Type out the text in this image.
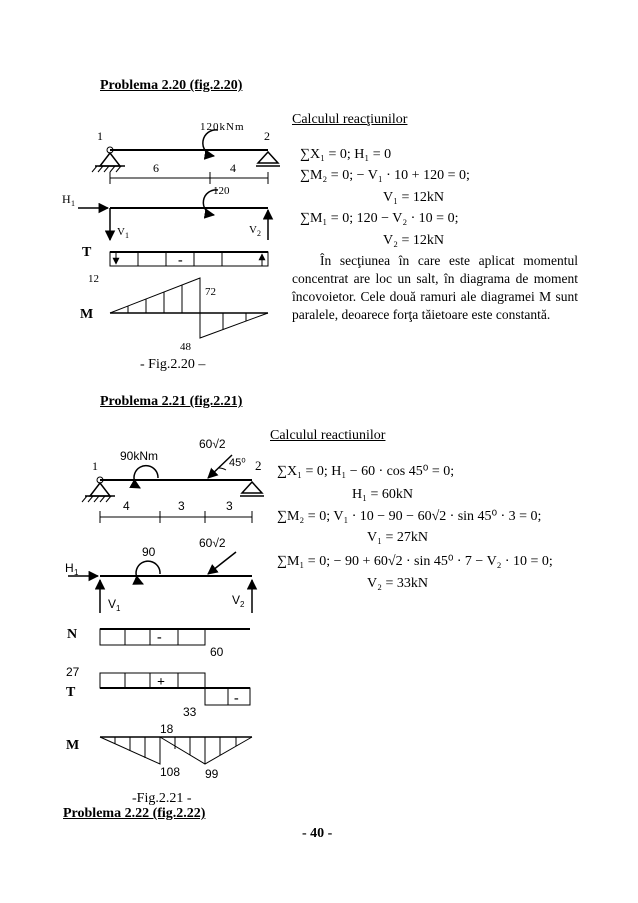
Problema 2.20 (fig.2.20)
120kNm
1	2
6	4
120
H 1
V 1	V 2
T
-
12
M
72
48
- Fig.2.20 –
Calculul reacţiunilor
∑X₁ = 0; H₁ = 0
∑M₂ = 0; − V₁ ⋅ 10 + 120 = 0;
V₁ = 12kN
∑M₁ = 0; 120 − V₂ ⋅ 10 = 0;
V₂ = 12kN
În secţiunea în care este aplicat momentul concentrat are loc un salt, în diagrama de moment încovoietor. Cele două ramuri ale diagramei M sunt paralele, deoarece forţa tăietoare este constantă.
Problema 2.21 (fig.2.21)
1	2
90kNm
60√2
45⁰
4	3	3
90
60√2
H 1
V 1
V 2
N	-
60
27
T
+
-
33
M
18
108 99
-Fig.2.21 -
Calculul reactiunilor
∑X₁ = 0; H₁ − 60 ⋅ cos 45⁰ = 0;
H₁ = 60kN
∑M₂ = 0; V₁ ⋅ 10 − 90 − 60√2 ⋅ sin 45⁰ ⋅ 3 = 0;
V₁ = 27kN
∑M₁ = 0; − 90 + 60√2 ⋅ sin 45⁰ ⋅ 7 − V₂ ⋅ 10 = 0;
V₂ = 33kN
Problema 2.22 (fig.2.22)
- 40 -
